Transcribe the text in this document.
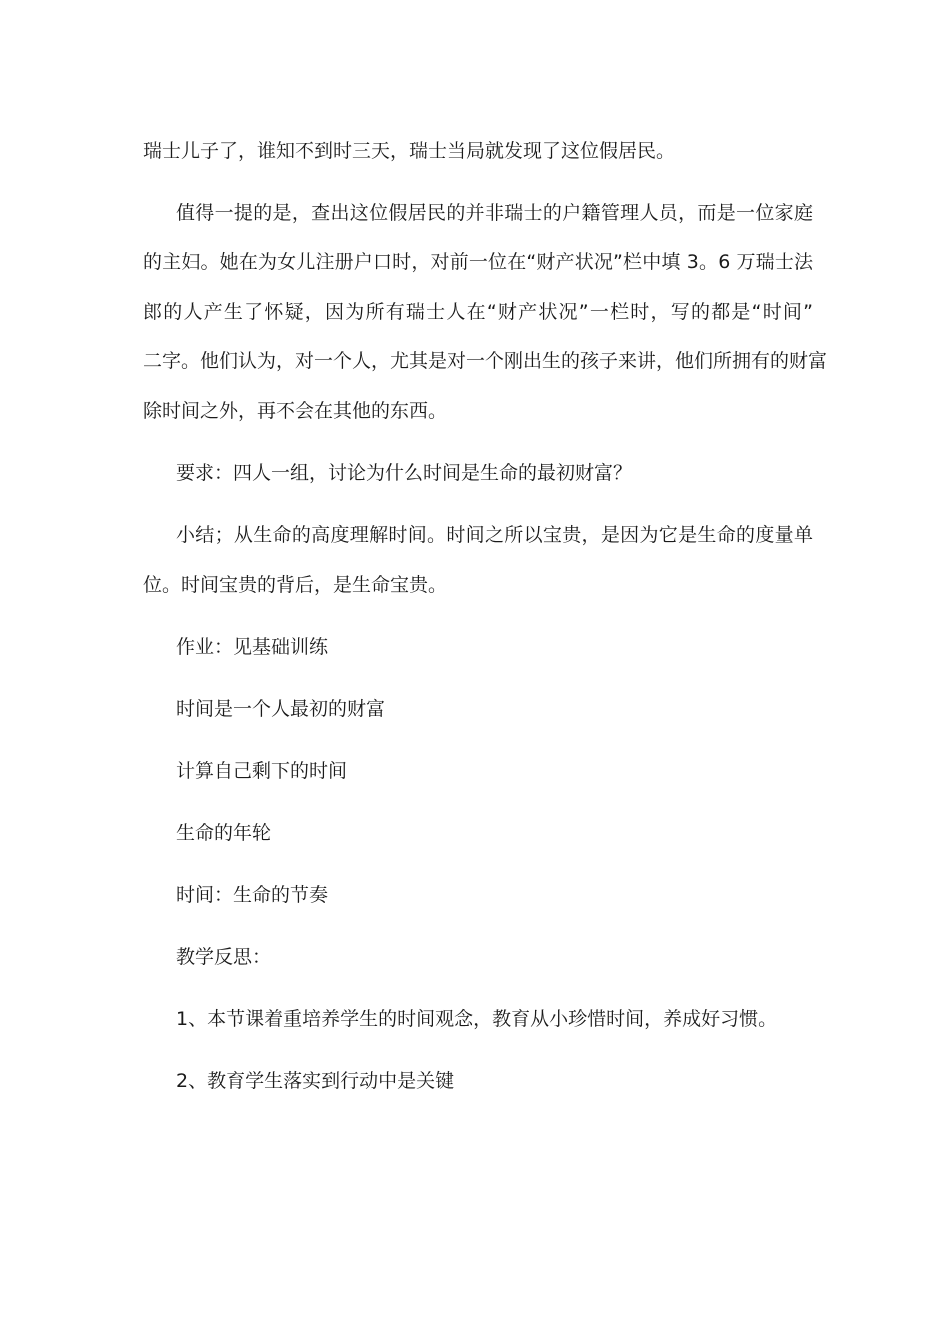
瑞士儿子了，谁知不到时三天，瑞士当局就发现了这位假居民。
值得一提的是，查出这位假居民的并非瑞士的户籍管理人员，而是一位家庭
的主妇。她在为女儿注册户口时，对前一位在“财产状况”栏中填 3。6 万瑞士法
郎的人产生了怀疑，因为所有瑞士人在“财产状况”一栏时，写的都是“时间”
二字。他们认为，对一个人，尤其是对一个刚出生的孩子来讲，他们所拥有的财富
除时间之外，再不会在其他的东西。
要求：四人一组，讨论为什么时间是生命的最初财富？
小结；从生命的高度理解时间。时间之所以宝贵，是因为它是生命的度量单
位。时间宝贵的背后，是生命宝贵。
作业：见基础训练
时间是一个人最初的财富
计算自己剩下的时间
生命的年轮
时间：生命的节奏
教学反思：
1、本节课着重培养学生的时间观念，教育从小珍惜时间，养成好习惯。
2、教育学生落实到行动中是关键
